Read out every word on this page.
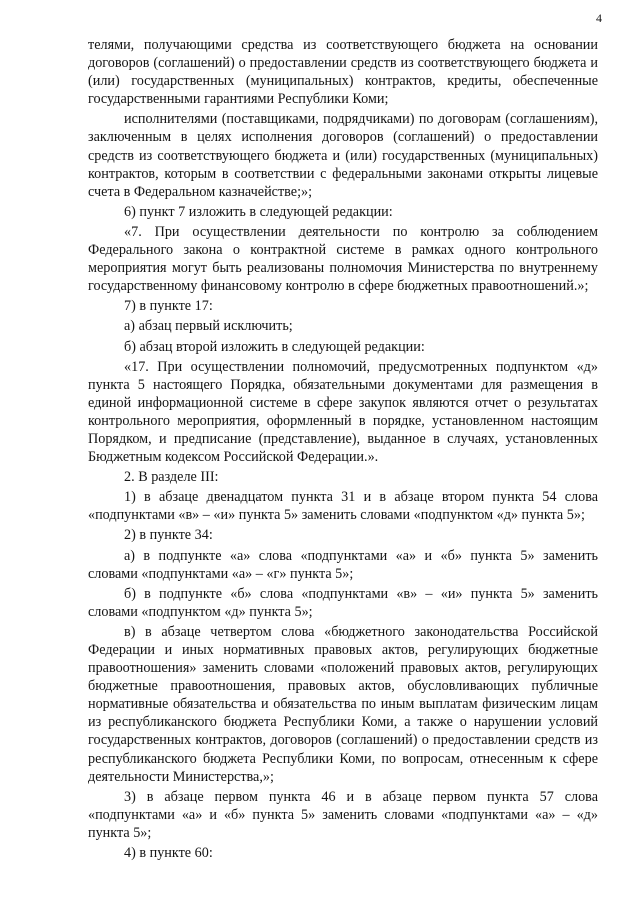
4

телями, получающими средства из соответствующего бюджета на основании договоров (соглашений) о предоставлении средств из соответствующего бюджета и (или) государственных (муниципальных) контрактов, кредиты, обеспеченные государственными гарантиями Республики Коми;

исполнителями (поставщиками, подрядчиками) по договорам (соглашениям), заключенным в целях исполнения договоров (соглашений) о предоставлении средств из соответствующего бюджета и (или) государственных (муниципальных) контрактов, которым в соответствии с федеральными законами открыты лицевые счета в Федеральном казначействе;»;

6) пункт 7 изложить в следующей редакции:

«7. При осуществлении деятельности по контролю за соблюдением Федерального закона о контрактной системе в рамках одного контрольного мероприятия могут быть реализованы полномочия Министерства по внутреннему государственному финансовому контролю в сфере бюджетных правоотношений.»;

7) в пункте 17:

а) абзац первый исключить;

б) абзац второй изложить в следующей редакции:

«17. При осуществлении полномочий, предусмотренных подпунктом «д» пункта 5 настоящего Порядка, обязательными документами для размещения в единой информационной системе в сфере закупок являются отчет о результатах контрольного мероприятия, оформленный в порядке, установленном настоящим Порядком, и предписание (представление), выданное в случаях, установленных Бюджетным кодексом Российской Федерации.».

2. В разделе III:

1) в абзаце двенадцатом пункта 31 и в абзаце втором пункта 54 слова «подпунктами «в» – «и» пункта 5» заменить словами «подпунктом «д» пункта 5»;

2) в пункте 34:

а) в подпункте «а» слова «подпунктами «а» и «б» пункта 5» заменить словами «подпунктами «а» – «г» пункта 5»;

б) в подпункте «б» слова «подпунктами «в» – «и» пункта 5» заменить словами «подпунктом «д» пункта 5»;

в) в абзаце четвертом слова «бюджетного законодательства Российской Федерации и иных нормативных правовых актов, регулирующих бюджетные правоотношения» заменить словами «положений правовых актов, регулирующих бюджетные правоотношения, правовых актов, обусловливающих публичные нормативные обязательства и обязательства по иным выплатам физическим лицам из республиканского бюджета Республики Коми, а также о нарушении условий государственных контрактов, договоров (соглашений) о предоставлении средств из республиканского бюджета Республики Коми, по вопросам, отнесенным к сфере деятельности Министерства,»;

3) в абзаце первом пункта 46 и в абзаце первом пункта 57 слова «подпунктами «а» и «б» пункта 5» заменить словами «подпунктами «а» – «д» пункта 5»;

4) в пункте 60:
